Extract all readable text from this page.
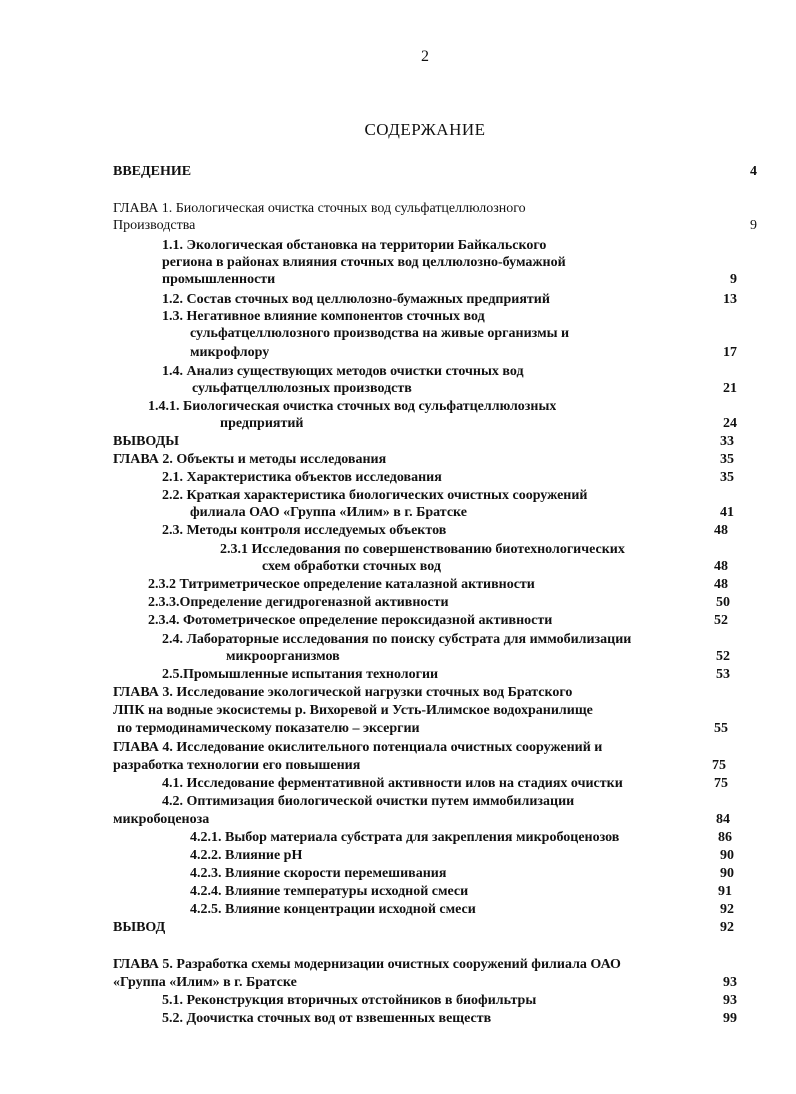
2
СОДЕРЖАНИЕ
ВВЕДЕНИЕ	4
ГЛАВА 1. Биологическая очистка сточных вод сульфатцеллюлозного
Производства	9
1.1. Экологическая обстановка на территории Байкальского
региона в районах влияния сточных вод целлюлозно-бумажной
промышленности	9
1.2. Состав сточных вод целлюлозно-бумажных предприятий	13
1.3. Негативное влияние компонентов сточных вод
сульфатцеллюлозного производства на живые организмы и
микрофлору	17
1.4. Анализ существующих методов очистки сточных вод
сульфатцеллюлозных производств	21
1.4.1. Биологическая очистка сточных вод сульфатцеллюлозных
предприятий	24
ВЫВОДЫ	33
ГЛАВА 2. Объекты и методы исследования	35
2.1. Характеристика объектов исследования	35
2.2. Краткая характеристика биологических очистных сооружений
филиала ОАО «Группа «Илим» в г. Братске	41
2.3. Методы контроля исследуемых объектов	48
2.3.1 Исследования по совершенствованию биотехнологических
схем обработки сточных вод	48
2.3.2 Титриметрическое определение каталазной активности	48
2.3.3.Определение дегидрогеназной активности	50
2.3.4. Фотометрическое определение пероксидазной активности	52
2.4. Лабораторные исследования по поиску субстрата для иммобилизации
микроорганизмов	52
2.5.Промышленные испытания технологии	53
ГЛАВА 3. Исследование экологической нагрузки сточных вод Братского
ЛПК на водные экосистемы р. Вихоревой и Усть-Илимское водохранилище
по термодинамическому показателю – эксергии	55
ГЛАВА 4. Исследование окислительного потенциала очистных сооружений и
разработка технологии его повышения	75
4.1. Исследование ферментативной активности илов на стадиях очистки	75
4.2. Оптимизация биологической очистки путем иммобилизации
микробоценоза	84
4.2.1. Выбор материала субстрата для закрепления микробоценозов	86
4.2.2. Влияние pH	90
4.2.3. Влияние скорости перемешивания	90
4.2.4. Влияние температуры исходной смеси	91
4.2.5. Влияние концентрации исходной смеси	92
ВЫВОД	92
ГЛАВА 5. Разработка схемы модернизации очистных сооружений филиала ОАО
«Группа «Илим» в г. Братске	93
5.1. Реконструкция вторичных отстойников в биофильтры	93
5.2. Доочистка сточных вод от взвешенных веществ	99
